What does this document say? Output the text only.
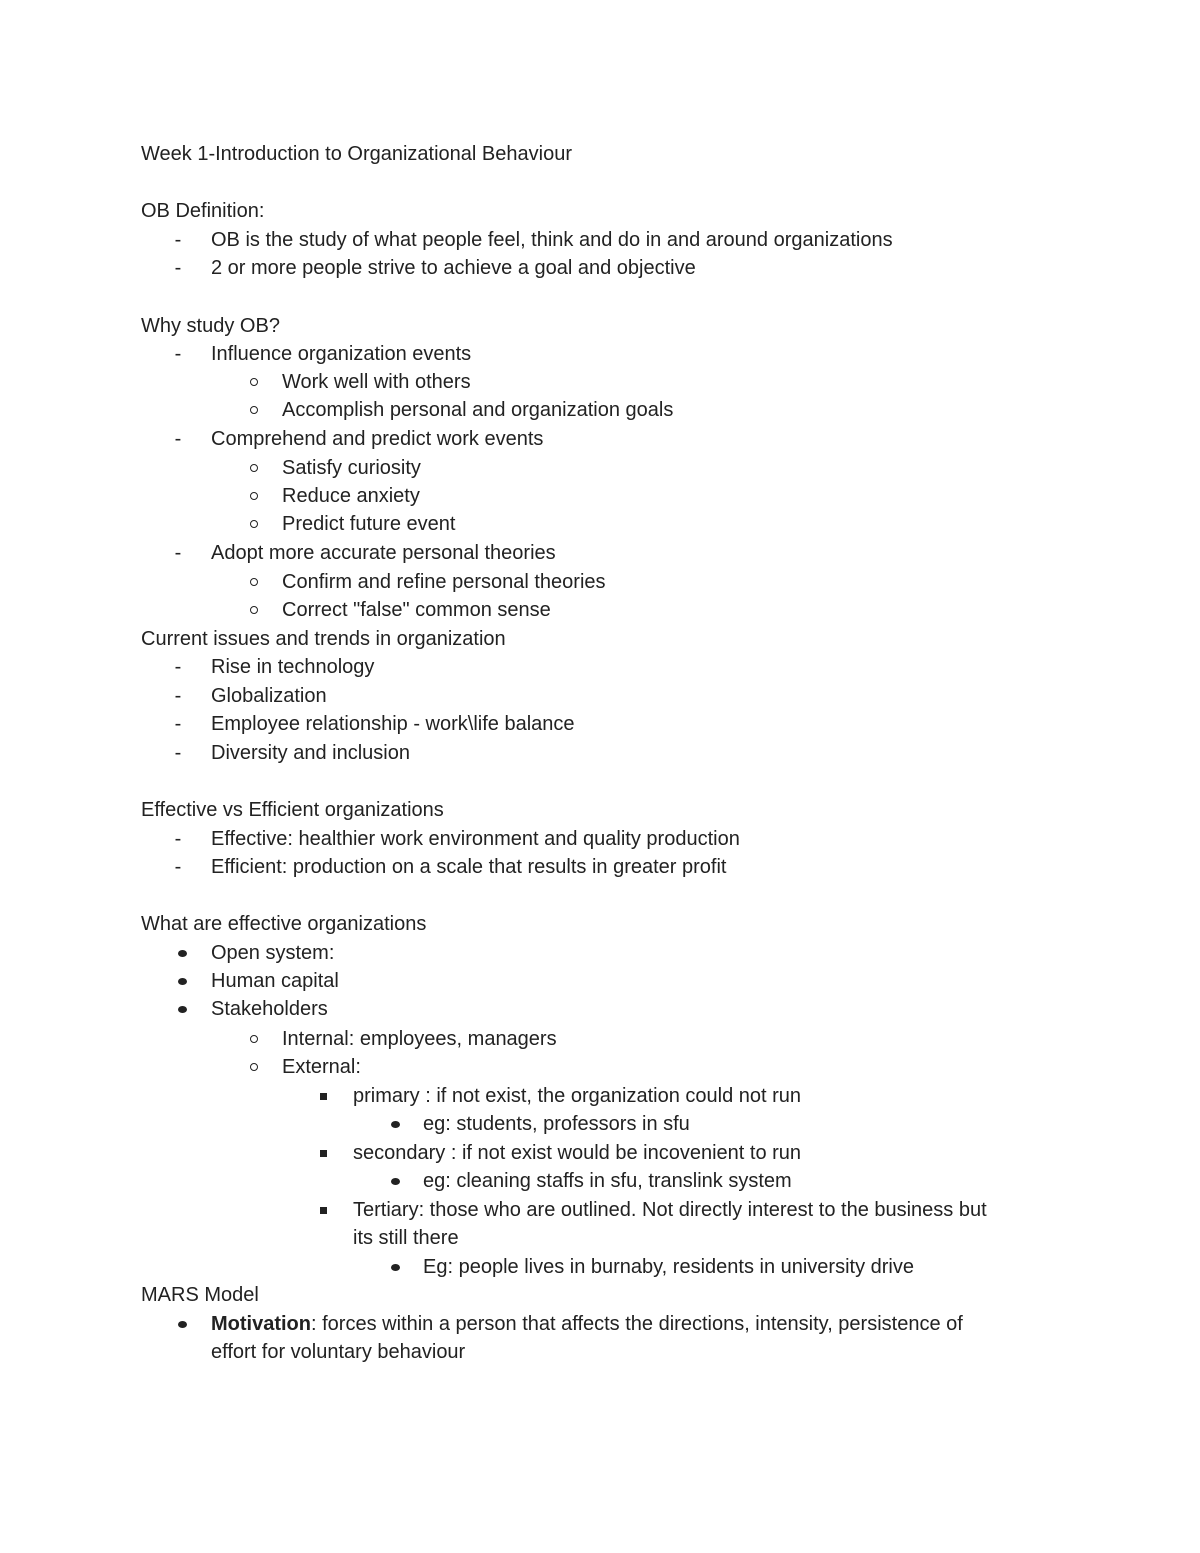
Week 1-Introduction to Organizational Behaviour
OB Definition:
- OB is the study of what people feel, think and do in and around organizations
- 2 or more people strive to achieve a goal and objective
Why study OB?
- Influence organization events
Work well with others
Accomplish personal and organization goals
- Comprehend and predict work events
Satisfy curiosity
Reduce anxiety
Predict future event
- Adopt more accurate personal theories
Confirm and refine personal theories
Correct "false" common sense
Current issues and trends in organization
- Rise in technology
- Globalization
- Employee relationship - work\life balance
- Diversity and inclusion
Effective vs Efficient organizations
- Effective: healthier work environment and quality production
- Efficient: production on a scale that results in greater profit
What are effective organizations
Open system:
Human capital
Stakeholders
Internal: employees, managers
External:
primary : if not exist, the organization could not run
eg: students, professors in sfu
secondary : if not exist would be incovenient to run
eg: cleaning staffs in sfu, translink system
Tertiary: those who are outlined. Not directly interest to the business but
its still there
Eg: people lives in burnaby, residents in university drive
MARS Model
Motivation: forces within a person that affects the directions, intensity, persistence of
effort for voluntary behaviour
